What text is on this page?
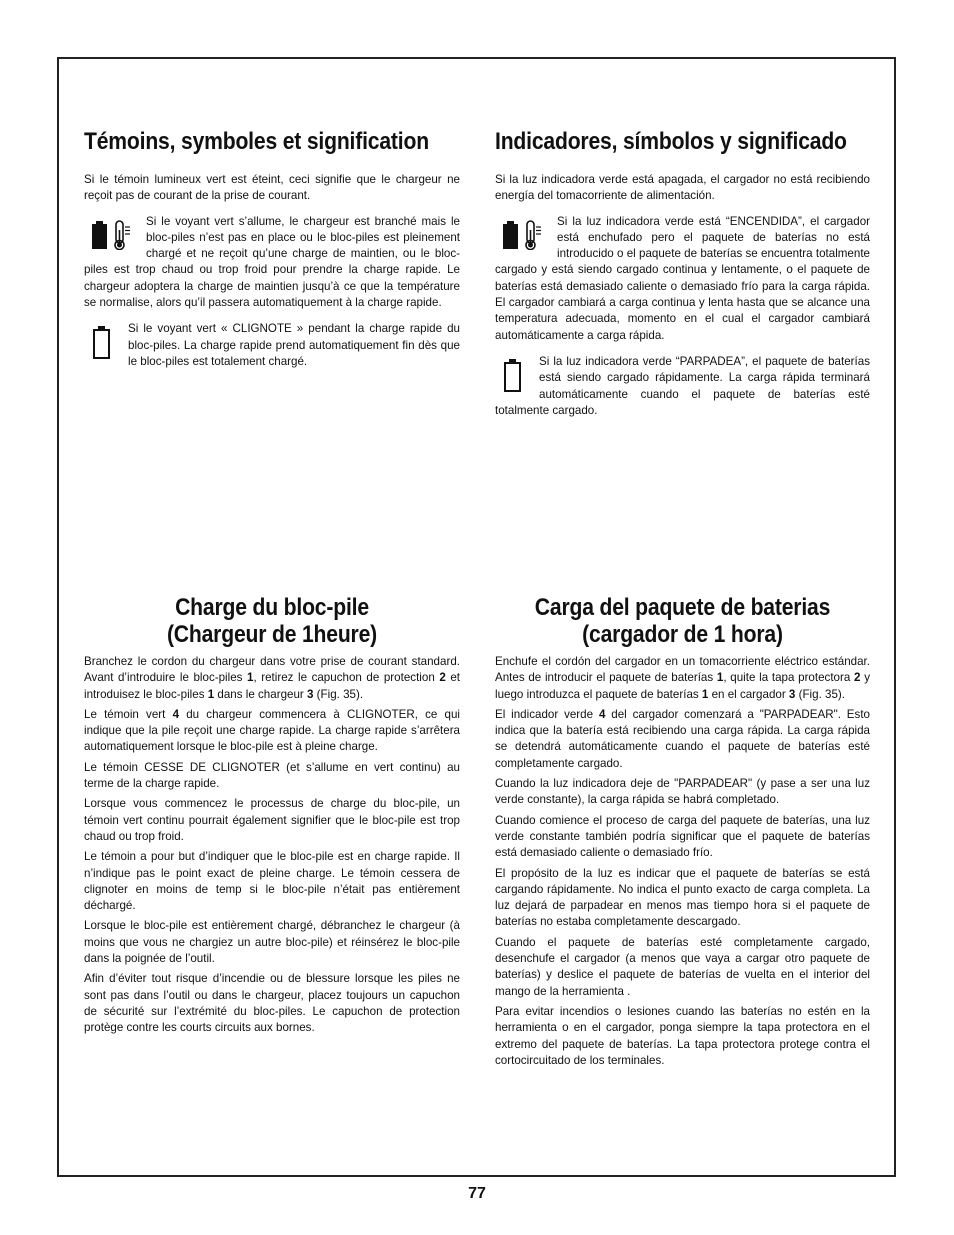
Témoins, symboles et signification

Si le témoin lumineux vert est éteint, ceci signifie que le chargeur ne reçoit pas de courant de la prise de courant.

Si le voyant vert s’allume, le chargeur est branché mais le bloc-piles n’est pas en place ou le bloc-piles est pleinement chargé et ne reçoit qu’une charge de maintien, ou le bloc-piles est trop chaud ou trop froid pour prendre la charge rapide. Le chargeur adoptera la charge de maintien jusqu’à ce que la température se normalise, alors qu’il passera automatiquement à la charge rapide.
Si le voyant vert « CLIGNOTE » pendant la charge rapide du bloc-piles. La charge rapide prend automatiquement fin dès que le bloc-piles est totalement chargé.
Indicadores, símbolos y significado

Si la luz indicadora verde está apagada, el cargador no está recibiendo energía del tomacorriente de alimentación.

Si la luz indicadora verde está “ENCENDIDA”, el cargador está enchufado pero el paquete de baterías no está introducido o el paquete de baterías se encuentra totalmente cargado y está siendo cargado continua y lentamente, o el paquete de baterías está demasiado caliente o demasiado frío para la carga rápida. El cargador cambiará a carga continua y lenta hasta que se alcance una temperatura adecuada, momento en el cual el cargador cambiará automáticamente a carga rápida.
Si la luz indicadora verde “PARPADEA”, el paquete de baterías está siendo cargado rápidamente. La carga rápida terminará automáticamente cuando el paquete de baterías esté totalmente cargado.
Charge du bloc-pile
(Chargeur de 1heure)

Branchez le cordon du chargeur dans votre prise de courant standard. Avant d’introduire le bloc-piles 1, retirez le capuchon de protection 2 et introduisez le bloc-piles 1 dans le chargeur 3 (Fig. 35).

Le témoin vert 4 du chargeur commencera à CLIGNOTER, ce qui indique que la pile reçoit une charge rapide. La charge rapide s’arrêtera automatiquement lorsque le bloc-pile est à pleine charge.

Le témoin CESSE DE CLIGNOTER (et s’allume en vert continu) au terme de la charge rapide.

Lorsque vous commencez le processus de charge du bloc-pile, un témoin vert continu pourrait également signifier que le bloc-pile est trop chaud ou trop froid.

Le témoin a pour but d’indiquer que le bloc-pile est en charge rapide. Il n’indique pas le point exact de pleine charge. Le témoin cessera de clignoter en moins de temp si le bloc-pile n’était pas entièrement déchargé.

Lorsque le bloc-pile est entièrement chargé, débranchez le chargeur (à moins que vous ne chargiez un autre bloc-pile) et réinsérez le bloc-pile dans la poignée de l’outil.

Afin d’éviter tout risque d’incendie ou de blessure lorsque les piles ne sont pas dans l’outil ou dans le chargeur, placez toujours un capuchon de sécurité sur l’extrémité du bloc-piles. Le capuchon de protection protège contre les courts circuits aux bornes.

Carga del paquete de baterias
(cargador de 1 hora)

Enchufe el cordón del cargador en un tomacorriente eléctrico estándar. Antes de introducir el paquete de baterías 1, quite la tapa protectora 2 y luego introduzca el paquete de baterías 1 en el cargador 3 (Fig. 35).

El indicador verde 4 del cargador comenzará a "PARPADEAR". Esto indica que la batería está recibiendo una carga rápida. La carga rápida se detendrá automáticamente cuando el paquete de baterías esté completamente cargado.

Cuando la luz indicadora deje de "PARPADEAR" (y pase a ser una luz verde constante), la carga rápida se habrá completado.

Cuando comience el proceso de carga del paquete de baterías, una luz verde constante también podría significar que el paquete de baterías está demasiado caliente o demasiado frío.

El propósito de la luz es indicar que el paquete de baterías se está cargando rápidamente. No indica el punto exacto de carga completa. La luz dejará de parpadear en menos mas tiempo hora si el paquete de baterías no estaba completamente descargado.

Cuando el paquete de baterías esté completamente cargado, desenchufe el cargador (a menos que vaya a cargar otro paquete de baterías) y deslice el paquete de baterías de vuelta en el interior del mango de la herramienta .

Para evitar incendios o lesiones cuando las baterías no estén en la herramienta o en el cargador, ponga siempre la tapa protectora en el extremo del paquete de baterías. La tapa protectora protege contra el cortocircuitado de los terminales.

77
